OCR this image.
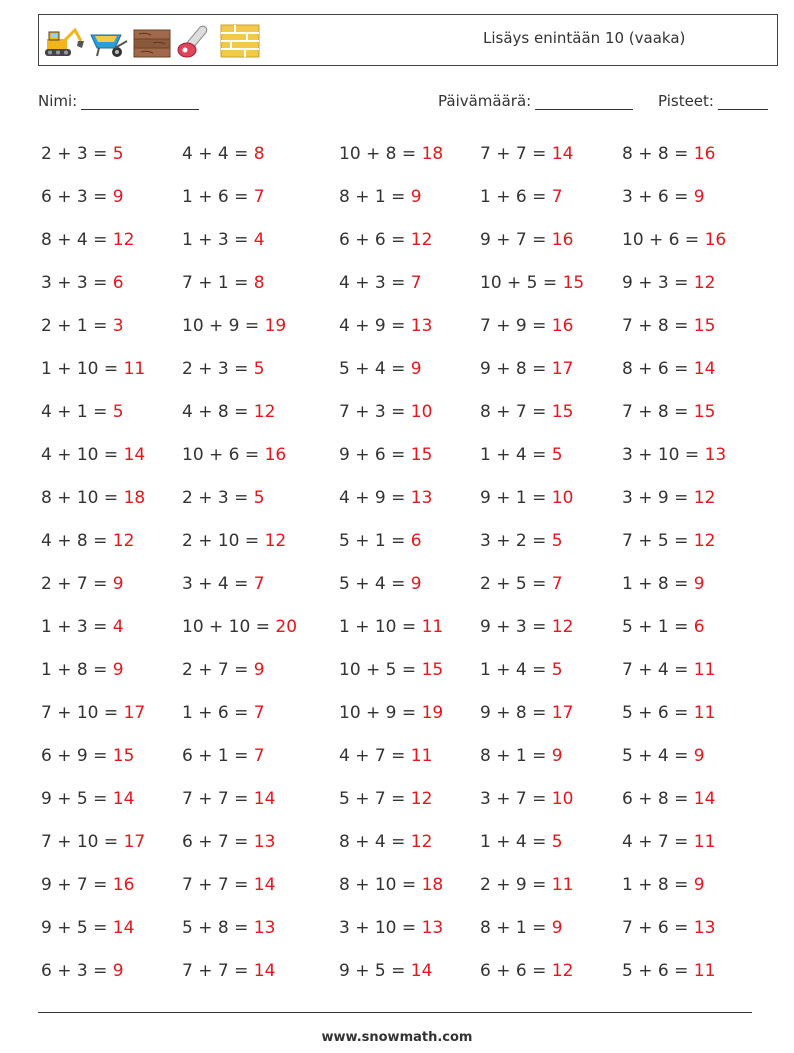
Lisäys enintään 10 (vaaka)
Nimi:	Päivämäärä:	Pisteet:
2 + 3 = 5	4 + 4 = 8	10 + 8 = 18	7 + 7 = 14	8 + 8 = 16
6 + 3 = 9	1 + 6 = 7	8 + 1 = 9	1 + 6 = 7	3 + 6 = 9
8 + 4 = 12	1 + 3 = 4	6 + 6 = 12	9 + 7 = 16	10 + 6 = 16
3 + 3 = 6	7 + 1 = 8	4 + 3 = 7	10 + 5 = 15	9 + 3 = 12
2 + 1 = 3	10 + 9 = 19	4 + 9 = 13	7 + 9 = 16	7 + 8 = 15
1 + 10 = 11	2 + 3 = 5	5 + 4 = 9	9 + 8 = 17	8 + 6 = 14
4 + 1 = 5	4 + 8 = 12	7 + 3 = 10	8 + 7 = 15	7 + 8 = 15
4 + 10 = 14	10 + 6 = 16	9 + 6 = 15	1 + 4 = 5	3 + 10 = 13
8 + 10 = 18	2 + 3 = 5	4 + 9 = 13	9 + 1 = 10	3 + 9 = 12
4 + 8 = 12	2 + 10 = 12	5 + 1 = 6	3 + 2 = 5	7 + 5 = 12
2 + 7 = 9	3 + 4 = 7	5 + 4 = 9	2 + 5 = 7	1 + 8 = 9
1 + 3 = 4	10 + 10 = 20	1 + 10 = 11	9 + 3 = 12	5 + 1 = 6
1 + 8 = 9	2 + 7 = 9	10 + 5 = 15	1 + 4 = 5	7 + 4 = 11
7 + 10 = 17	1 + 6 = 7	10 + 9 = 19	9 + 8 = 17	5 + 6 = 11
6 + 9 = 15	6 + 1 = 7	4 + 7 = 11	8 + 1 = 9	5 + 4 = 9
9 + 5 = 14	7 + 7 = 14	5 + 7 = 12	3 + 7 = 10	6 + 8 = 14
7 + 10 = 17	6 + 7 = 13	8 + 4 = 12	1 + 4 = 5	4 + 7 = 11
9 + 7 = 16	7 + 7 = 14	8 + 10 = 18	2 + 9 = 11	1 + 8 = 9
9 + 5 = 14	5 + 8 = 13	3 + 10 = 13	8 + 1 = 9	7 + 6 = 13
6 + 3 = 9	7 + 7 = 14	9 + 5 = 14	6 + 6 = 12	5 + 6 = 11
www.snowmath.com
